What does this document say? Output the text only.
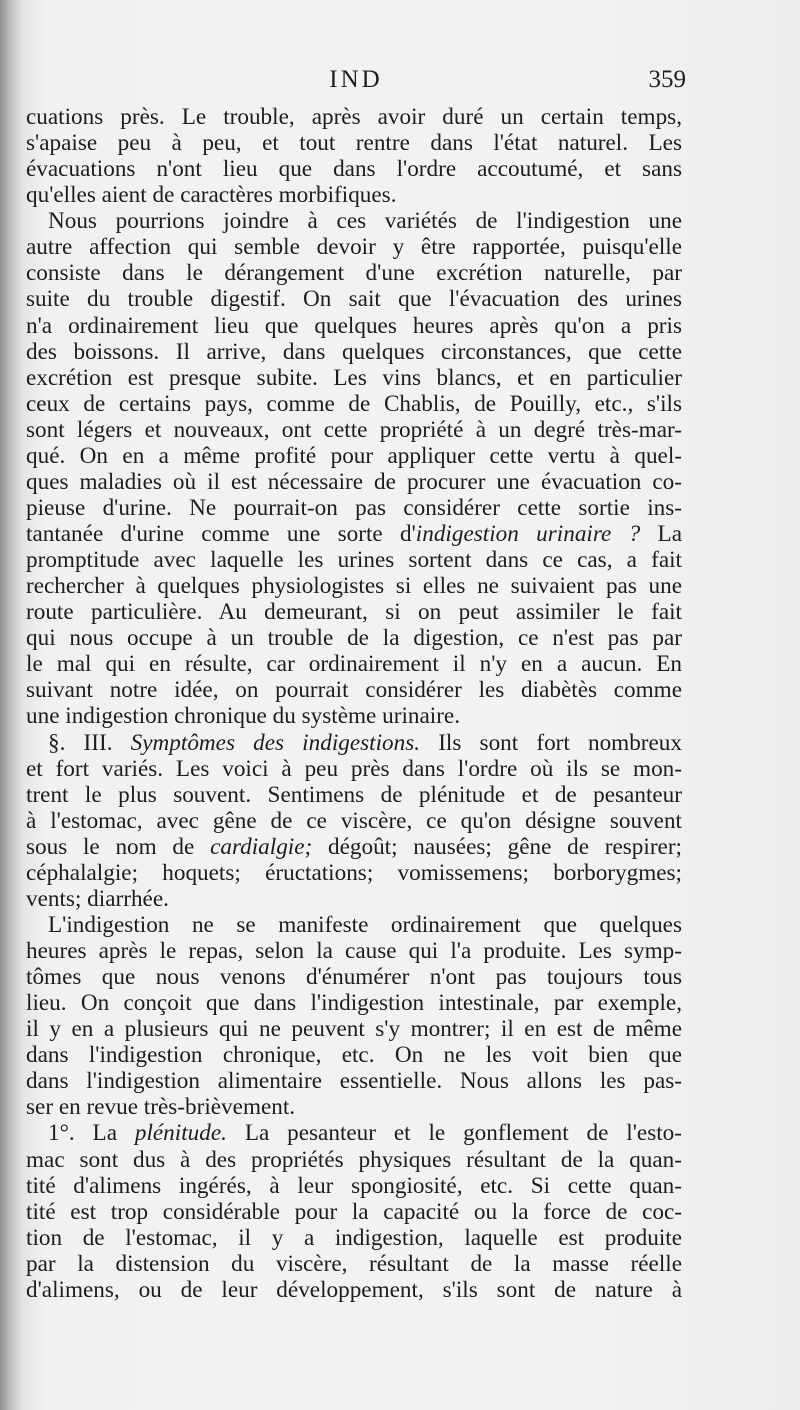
IND	359
cuations près. Le trouble, après avoir duré un certain temps,
s'apaise peu à peu, et tout rentre dans l'état naturel. Les
évacuations n'ont lieu que dans l'ordre accoutumé, et sans
qu'elles aient de caractères morbifiques.
Nous pourrions joindre à ces variétés de l'indigestion une
autre affection qui semble devoir y être rapportée, puisqu'elle
consiste dans le dérangement d'une excrétion naturelle, par
suite du trouble digestif. On sait que l'évacuation des urines
n'a ordinairement lieu que quelques heures après qu'on a pris
des boissons. Il arrive, dans quelques circonstances, que cette
excrétion est presque subite. Les vins blancs, et en particulier
ceux de certains pays, comme de Chablis, de Pouilly, etc., s'ils
sont légers et nouveaux, ont cette propriété à un degré très-mar-
qué. On en a même profité pour appliquer cette vertu à quel-
ques maladies où il est nécessaire de procurer une évacuation co-
pieuse d'urine. Ne pourrait-on pas considérer cette sortie ins-
tantanée d'urine comme une sorte d'indigestion urinaire ? La
promptitude avec laquelle les urines sortent dans ce cas, a fait
rechercher à quelques physiologistes si elles ne suivaient pas une
route particulière. Au demeurant, si on peut assimiler le fait
qui nous occupe à un trouble de la digestion, ce n'est pas par
le mal qui en résulte, car ordinairement il n'y en a aucun. En
suivant notre idée, on pourrait considérer les diabètès comme
une indigestion chronique du système urinaire.
§. III. Symptômes des indigestions. Ils sont fort nombreux
et fort variés. Les voici à peu près dans l'ordre où ils se mon-
trent le plus souvent. Sentimens de plénitude et de pesanteur
à l'estomac, avec gêne de ce viscère, ce qu'on désigne souvent
sous le nom de cardialgie; dégoût; nausées; gêne de respirer;
céphalalgie; hoquets; éructations; vomissemens; borborygmes;
vents; diarrhée.
L'indigestion ne se manifeste ordinairement que quelques
heures après le repas, selon la cause qui l'a produite. Les symp-
tômes que nous venons d'énumérer n'ont pas toujours tous
lieu. On conçoit que dans l'indigestion intestinale, par exemple,
il y en a plusieurs qui ne peuvent s'y montrer; il en est de même
dans l'indigestion chronique, etc. On ne les voit bien que
dans l'indigestion alimentaire essentielle. Nous allons les pas-
ser en revue très-brièvement.
1°. La plénitude. La pesanteur et le gonflement de l'esto-
mac sont dus à des propriétés physiques résultant de la quan-
tité d'alimens ingérés, à leur spongiosité, etc. Si cette quan-
tité est trop considérable pour la capacité ou la force de coc-
tion de l'estomac, il y a indigestion, laquelle est produite
par la distension du viscère, résultant de la masse réelle
d'alimens, ou de leur développement, s'ils sont de nature à
